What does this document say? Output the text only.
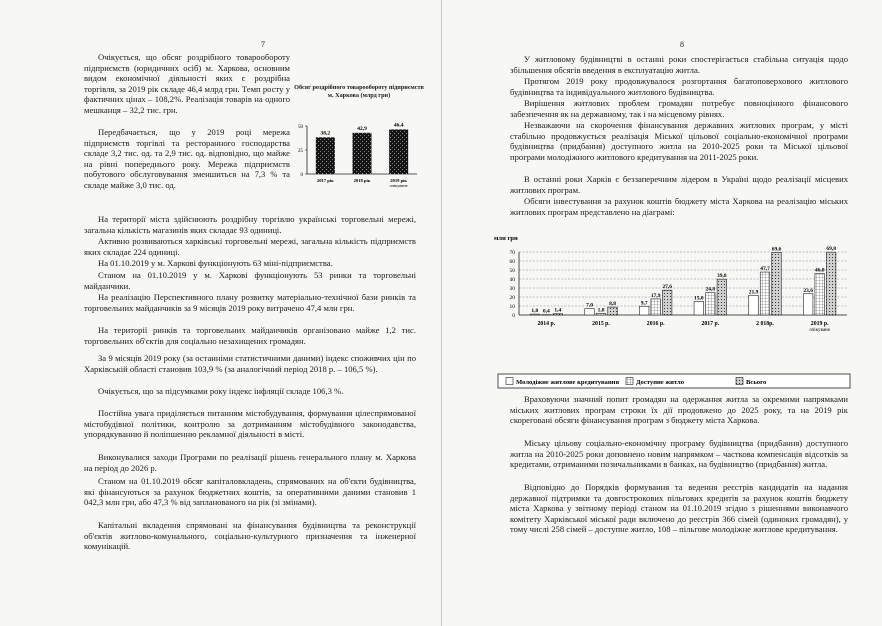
7

Очікується, що обсяг роздрібного товарообороту підприємств (юридичних осіб) м. Харкова, основним видом економічної діяльності яких є роздрібна торгівля, за 2019 рік складе 46,4 млрд грн. Темп росту у фактичних цінах – 108,2%. Реалізація товарів на одного мешканця – 32,2 тис. грн.

Передбачається, що у 2019 році мережа підприємств торгівлі та ресторанного господарства складе 3,2 тис. од. та 2,9 тис. од. відповідно, що майже на рівні попереднього року. Мережа підприємств побутового обслуговування зменшиться на 7,3 % та складе майже 3,0 тис. од.

Обсяг роздрібного товарообороту підприємств м. Харкова (млрд грн)
0
25
50
38,2
2017 рік
42,9
2018 рік
46,4
2019 рік
очікуване

На території міста здійснюють роздрібну торгівлю українські торговельні мережі, загальна кількість магазинів яких складає 93 одиниці.

Активно розвиваються харківські торговельні мережі, загальна кількість підприємств яких складає 224 одиниці.

На 01.10.2019 у м. Харкові функціонують 63 міні-підприємства.

Станом на 01.10.2019 у м. Харкові функціонують 53 ринки та торговельні майданчики.

На реалізацію Перспективного плану розвитку матеріально-технічної бази ринків та торговельних майданчиків за 9 місяців 2019 року витрачено 47,4 млн грн.

На території ринків та торговельних майданчиків організовано майже 1,2 тис. торговельних об'єктів для соціально незахищених громадян.

За 9 місяців 2019 року (за останніми статистичними даними) індекс споживчих цін по Харківській області становив 103,9 % (за аналогічний період 2018 р. – 106,5 %).

Очікується, що за підсумками року індекс інфляції складе 106,3 %.

Постійна увага приділяється питанням містобудування, формування цілеспрямованої містобудівної політики, контролю за дотриманням містобудівного законодавства, упорядкуванню й поліпшенню рекламної діяльності в місті.

Виконувалися заходи Програми по реалізації рішень генерального плану м. Харкова на період до 2026 р.

Станом на 01.10.2019 обсяг капіталовкладень, спрямованих на об'єкти будівництва, які фінансуються за рахунок бюджетних коштів, за оперативними даними становив 1 042,3 млн грн, або 47,3 % від запланованого на рік (зі змінами).

Капітальні вкладення спрямовані на фінансування будівництва та реконструкції об'єктів житлово-комунального, соціально-культурного призначення та інженерної комунікацій.

8

У житловому будівництві в останні роки спостерігається стабільна ситуація щодо збільшення обсягів введення в експлуатацію житла.

Протягом 2019 року продовжувалося розгортання багатоповерхового житлового будівництва та індивідуального житлового будівництва.

Вирішення житлових проблем громадян потребує повноцінного фінансового забезпечення як на державному, так і на місцевому рівнях.

Незважаючи на скорочення фінансування державних житлових програм, у місті стабільно продовжується реалізація Міської цільової соціально-економічної програми будівництва (придбання) доступного житла на 2010-2025 роки та Міської цільової програми молодіжного житлового кредитування на 2011-2025 роки.

В останні роки Харків є беззаперечним лідером в Україні щодо реалізації місцевих житлових програм.

Обсяги інвестування за рахунок коштів бюджету міста Харкова на реалізацію міських житлових програм представлено на діаграмі:

млн грн
0
10
20
30
40
50
60
70
1,0 0,4 1,4
2014 р.
7,0
1,8
8,8
2015 р.
9,7
17,9
27,6
2016 р.
15,0
24,8
39,8
2017 р.
21,9
47,7
69,6
2 018р.
23,6
46,0
69,8
2019 р.
очікуване
Молодіжне житлове кредитування	Доступне житло	Всього

Враховуючи значний попит громадян на одержання житла за окремими напрямками міських житлових програм строки їх дії продовжено до 2025 року, та на 2019 рік скореговані обсяги фінансування програм з бюджету міста Харкова.

Міську цільову соціально-економічну програму будівництва (придбання) доступного житла на 2010-2025 роки доповнено новим напрямком – часткова компенсація відсотків за кредитами, отриманими позичальниками в банках, на будівництво (придбання) житла.

Відповідно до Порядків формування та ведення реєстрів кандидатів на надання державної підтримки та довгострокових пільгових кредитів за рахунок коштів бюджету міста Харкова у звітному періоді станом на 01.10.2019 згідно з рішеннями виконавчого комітету Харківської міської ради включено до реєстрів 366 сімей (одиноких громадян), у тому числі 258 сімей – доступне житло, 108 – пільгове молодіжне житлове кредитування.
